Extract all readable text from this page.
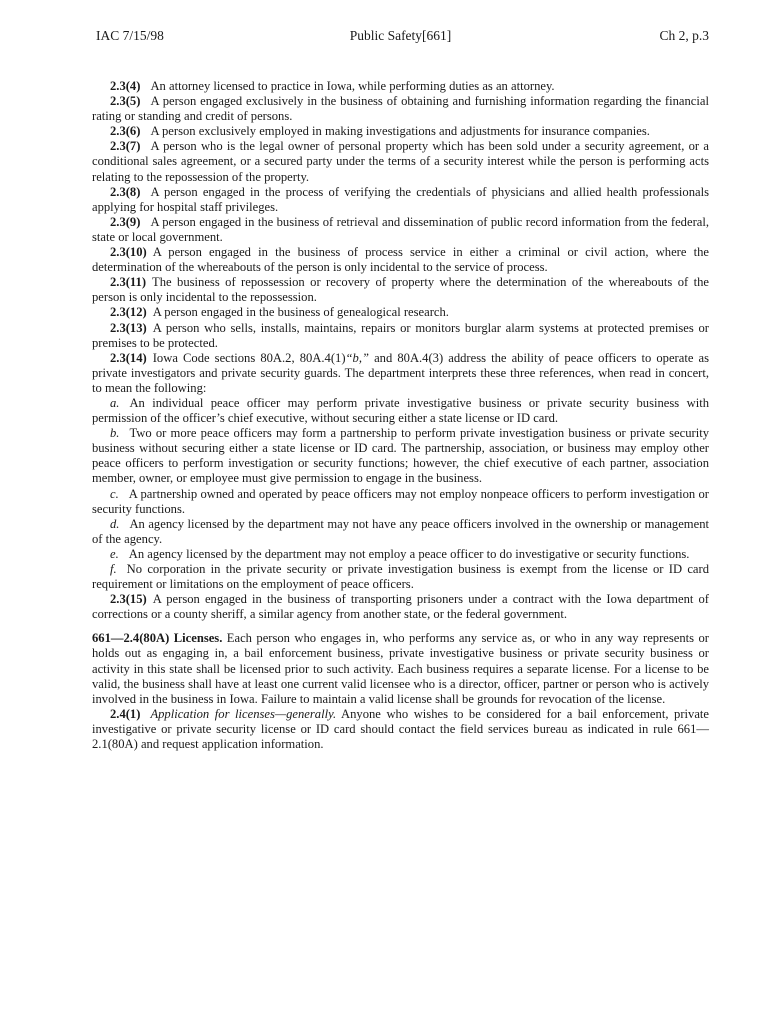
IAC 7/15/98	Public Safety[661]	Ch 2, p.3

2.3(4) An attorney licensed to practice in Iowa, while performing duties as an attorney.

2.3(5) A person engaged exclusively in the business of obtaining and furnishing information regarding the financial rating or standing and credit of persons.

2.3(6) A person exclusively employed in making investigations and adjustments for insurance companies.

2.3(7) A person who is the legal owner of personal property which has been sold under a security agreement, or a conditional sales agreement, or a secured party under the terms of a security interest while the person is performing acts relating to the repossession of the property.

2.3(8) A person engaged in the process of verifying the credentials of physicians and allied health professionals applying for hospital staff privileges.

2.3(9) A person engaged in the business of retrieval and dissemination of public record information from the federal, state or local government.

2.3(10) A person engaged in the business of process service in either a criminal or civil action, where the determination of the whereabouts of the person is only incidental to the service of process.

2.3(11) The business of repossession or recovery of property where the determination of the whereabouts of the person is only incidental to the repossession.

2.3(12) A person engaged in the business of genealogical research.

2.3(13) A person who sells, installs, maintains, repairs or monitors burglar alarm systems at protected premises or premises to be protected.

2.3(14) Iowa Code sections 80A.2, 80A.4(1)“b,” and 80A.4(3) address the ability of peace officers to operate as private investigators and private security guards. The department interprets these three references, when read in concert, to mean the following:

a. An individual peace officer may perform private investigative business or private security business with permission of the officer’s chief executive, without securing either a state license or ID card.

b. Two or more peace officers may form a partnership to perform private investigation business or private security business without securing either a state license or ID card. The partnership, association, or business may employ other peace officers to perform investigation or security functions; however, the chief executive of each partner, association member, owner, or employee must give permission to engage in the business.

c. A partnership owned and operated by peace officers may not employ nonpeace officers to perform investigation or security functions.

d. An agency licensed by the department may not have any peace officers involved in the ownership or management of the agency.

e. An agency licensed by the department may not employ a peace officer to do investigative or security functions.

f. No corporation in the private security or private investigation business is exempt from the license or ID card requirement or limitations on the employment of peace officers.

2.3(15) A person engaged in the business of transporting prisoners under a contract with the Iowa department of corrections or a county sheriff, a similar agency from another state, or the federal government.

661—2.4(80A) Licenses. Each person who engages in, who performs any service as, or who in any way represents or holds out as engaging in, a bail enforcement business, private investigative business or private security business or activity in this state shall be licensed prior to such activity. Each business requires a separate license. For a license to be valid, the business shall have at least one current valid licensee who is a director, officer, partner or person who is actively involved in the business in Iowa. Failure to maintain a valid license shall be grounds for revocation of the license.

2.4(1) Application for licenses—generally. Anyone who wishes to be considered for a bail enforcement, private investigative or private security license or ID card should contact the field services bureau as indicated in rule 661—2.1(80A) and request application information.
